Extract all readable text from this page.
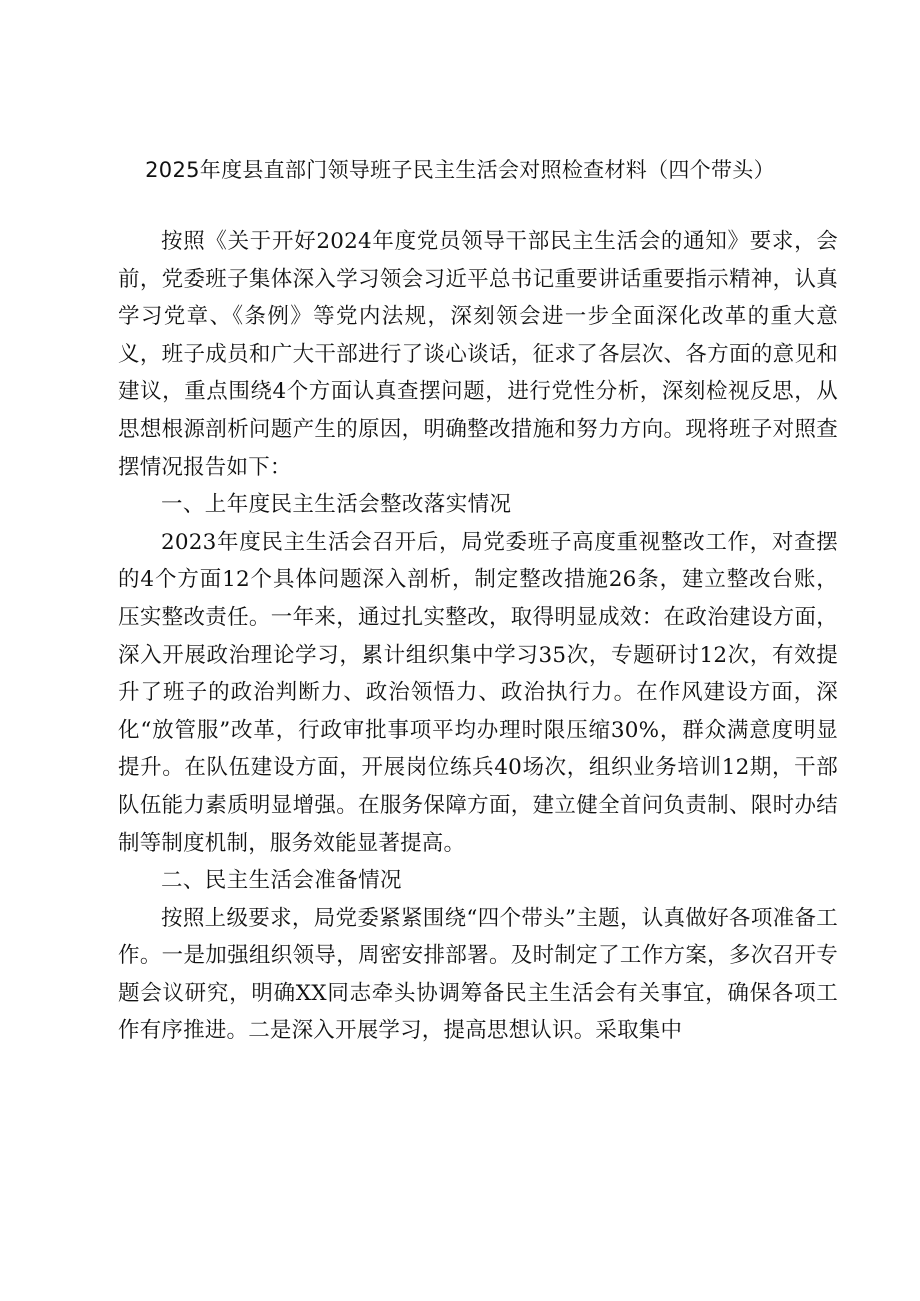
2025年度县直部门领导班子民主生活会对照检查材料（四个带头）

按照《关于开好2024年度党员领导干部民主生活会的通知》要求，会前，党委班子集体深入学习领会习近平总书记重要讲话重要指示精神，认真学习党章、《条例》等党内法规，深刻领会进一步全面深化改革的重大意义，班子成员和广大干部进行了谈心谈话，征求了各层次、各方面的意见和建议，重点围绕4个方面认真查摆问题，进行党性分析，深刻检视反思，从思想根源剖析问题产生的原因，明确整改措施和努力方向。现将班子对照查摆情况报告如下：

一、上年度民主生活会整改落实情况

2023年度民主生活会召开后，局党委班子高度重视整改工作，对查摆的4个方面12个具体问题深入剖析，制定整改措施26条，建立整改台账，压实整改责任。一年来，通过扎实整改，取得明显成效：在政治建设方面，深入开展政治理论学习，累计组织集中学习35次，专题研讨12次，有效提升了班子的政治判断力、政治领悟力、政治执行力。在作风建设方面，深化“放管服”改革，行政审批事项平均办理时限压缩30%，群众满意度明显提升。在队伍建设方面，开展岗位练兵40场次，组织业务培训12期，干部队伍能力素质明显增强。在服务保障方面，建立健全首问负责制、限时办结制等制度机制，服务效能显著提高。

二、民主生活会准备情况

按照上级要求，局党委紧紧围绕“四个带头”主题，认真做好各项准备工作。一是加强组织领导，周密安排部署。及时制定了工作方案，多次召开专题会议研究，明确XX同志牵头协调筹备民主生活会有关事宜，确保各项工作有序推进。二是深入开展学习，提高思想认识。采取集中
